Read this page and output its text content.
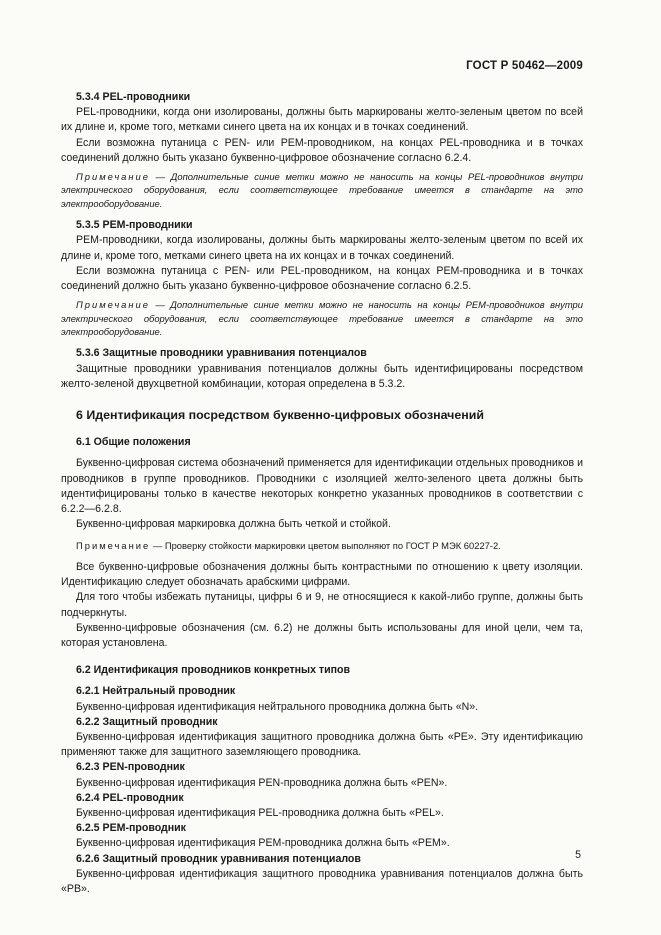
ГОСТ Р 50462—2009

5.3.4 PEL-проводники

PEL-проводники, когда они изолированы, должны быть маркированы желто-зеленым цветом по всей их длине и, кроме того, метками синего цвета на их концах и в точках соединений.

Если возможна путаница с PEN- или PEM-проводником, на концах PEL-проводника и в точках соединений должно быть указано буквенно-цифровое обозначение согласно 6.2.4.

Примечание — Дополнительные синие метки можно не наносить на концы PEL-проводников внутри электрического оборудования, если соответствующее требование имеется в стандарте на это электрооборудование.

5.3.5 PEM-проводники

PEM-проводники, когда изолированы, должны быть маркированы желто-зеленым цветом по всей их длине и, кроме того, метками синего цвета на их концах и в точках соединений.

Если возможна путаница с PEN- или PEL-проводником, на концах PEM-проводника и в точках соединений должно быть указано буквенно-цифровое обозначение согласно 6.2.5.

Примечание — Дополнительные синие метки можно не наносить на концы PEM-проводников внутри электрического оборудования, если соответствующее требование имеется в стандарте на это электрооборудование.

5.3.6 Защитные проводники уравнивания потенциалов

Защитные проводники уравнивания потенциалов должны быть идентифицированы посредством желто-зеленой двухцветной комбинации, которая определена в 5.3.2.

6 Идентификация посредством буквенно-цифровых обозначений

6.1 Общие положения

Буквенно-цифровая система обозначений применяется для идентификации отдельных проводников и проводников в группе проводников. Проводники с изоляцией желто-зеленого цвета должны быть идентифицированы только в качестве некоторых конкретно указанных проводников в соответствии с 6.2.2—6.2.8.

Буквенно-цифровая маркировка должна быть четкой и стойкой.

Примечание — Проверку стойкости маркировки цветом выполняют по ГОСТ Р МЭК 60227-2.

Все буквенно-цифровые обозначения должны быть контрастными по отношению к цвету изоляции. Идентификацию следует обозначать арабскими цифрами.

Для того чтобы избежать путаницы, цифры 6 и 9, не относящиеся к какой-либо группе, должны быть подчеркнуты.

Буквенно-цифровые обозначения (см. 6.2) не должны быть использованы для иной цели, чем та, которая установлена.

6.2 Идентификация проводников конкретных типов

6.2.1 Нейтральный проводник

Буквенно-цифровая идентификация нейтрального проводника должна быть «N».

6.2.2 Защитный проводник

Буквенно-цифровая идентификация защитного проводника должна быть «PE». Эту идентификацию применяют также для защитного заземляющего проводника.

6.2.3 PEN-проводник

Буквенно-цифровая идентификация PEN-проводника должна быть «PEN».

6.2.4 PEL-проводник

Буквенно-цифровая идентификация PEL-проводника должна быть «PEL».

6.2.5 PEM-проводник

Буквенно-цифровая идентификация PEM-проводника должна быть «PEM».

6.2.6 Защитный проводник уравнивания потенциалов

Буквенно-цифровая идентификация защитного проводника уравнивания потенциалов должна быть «PB».

5
